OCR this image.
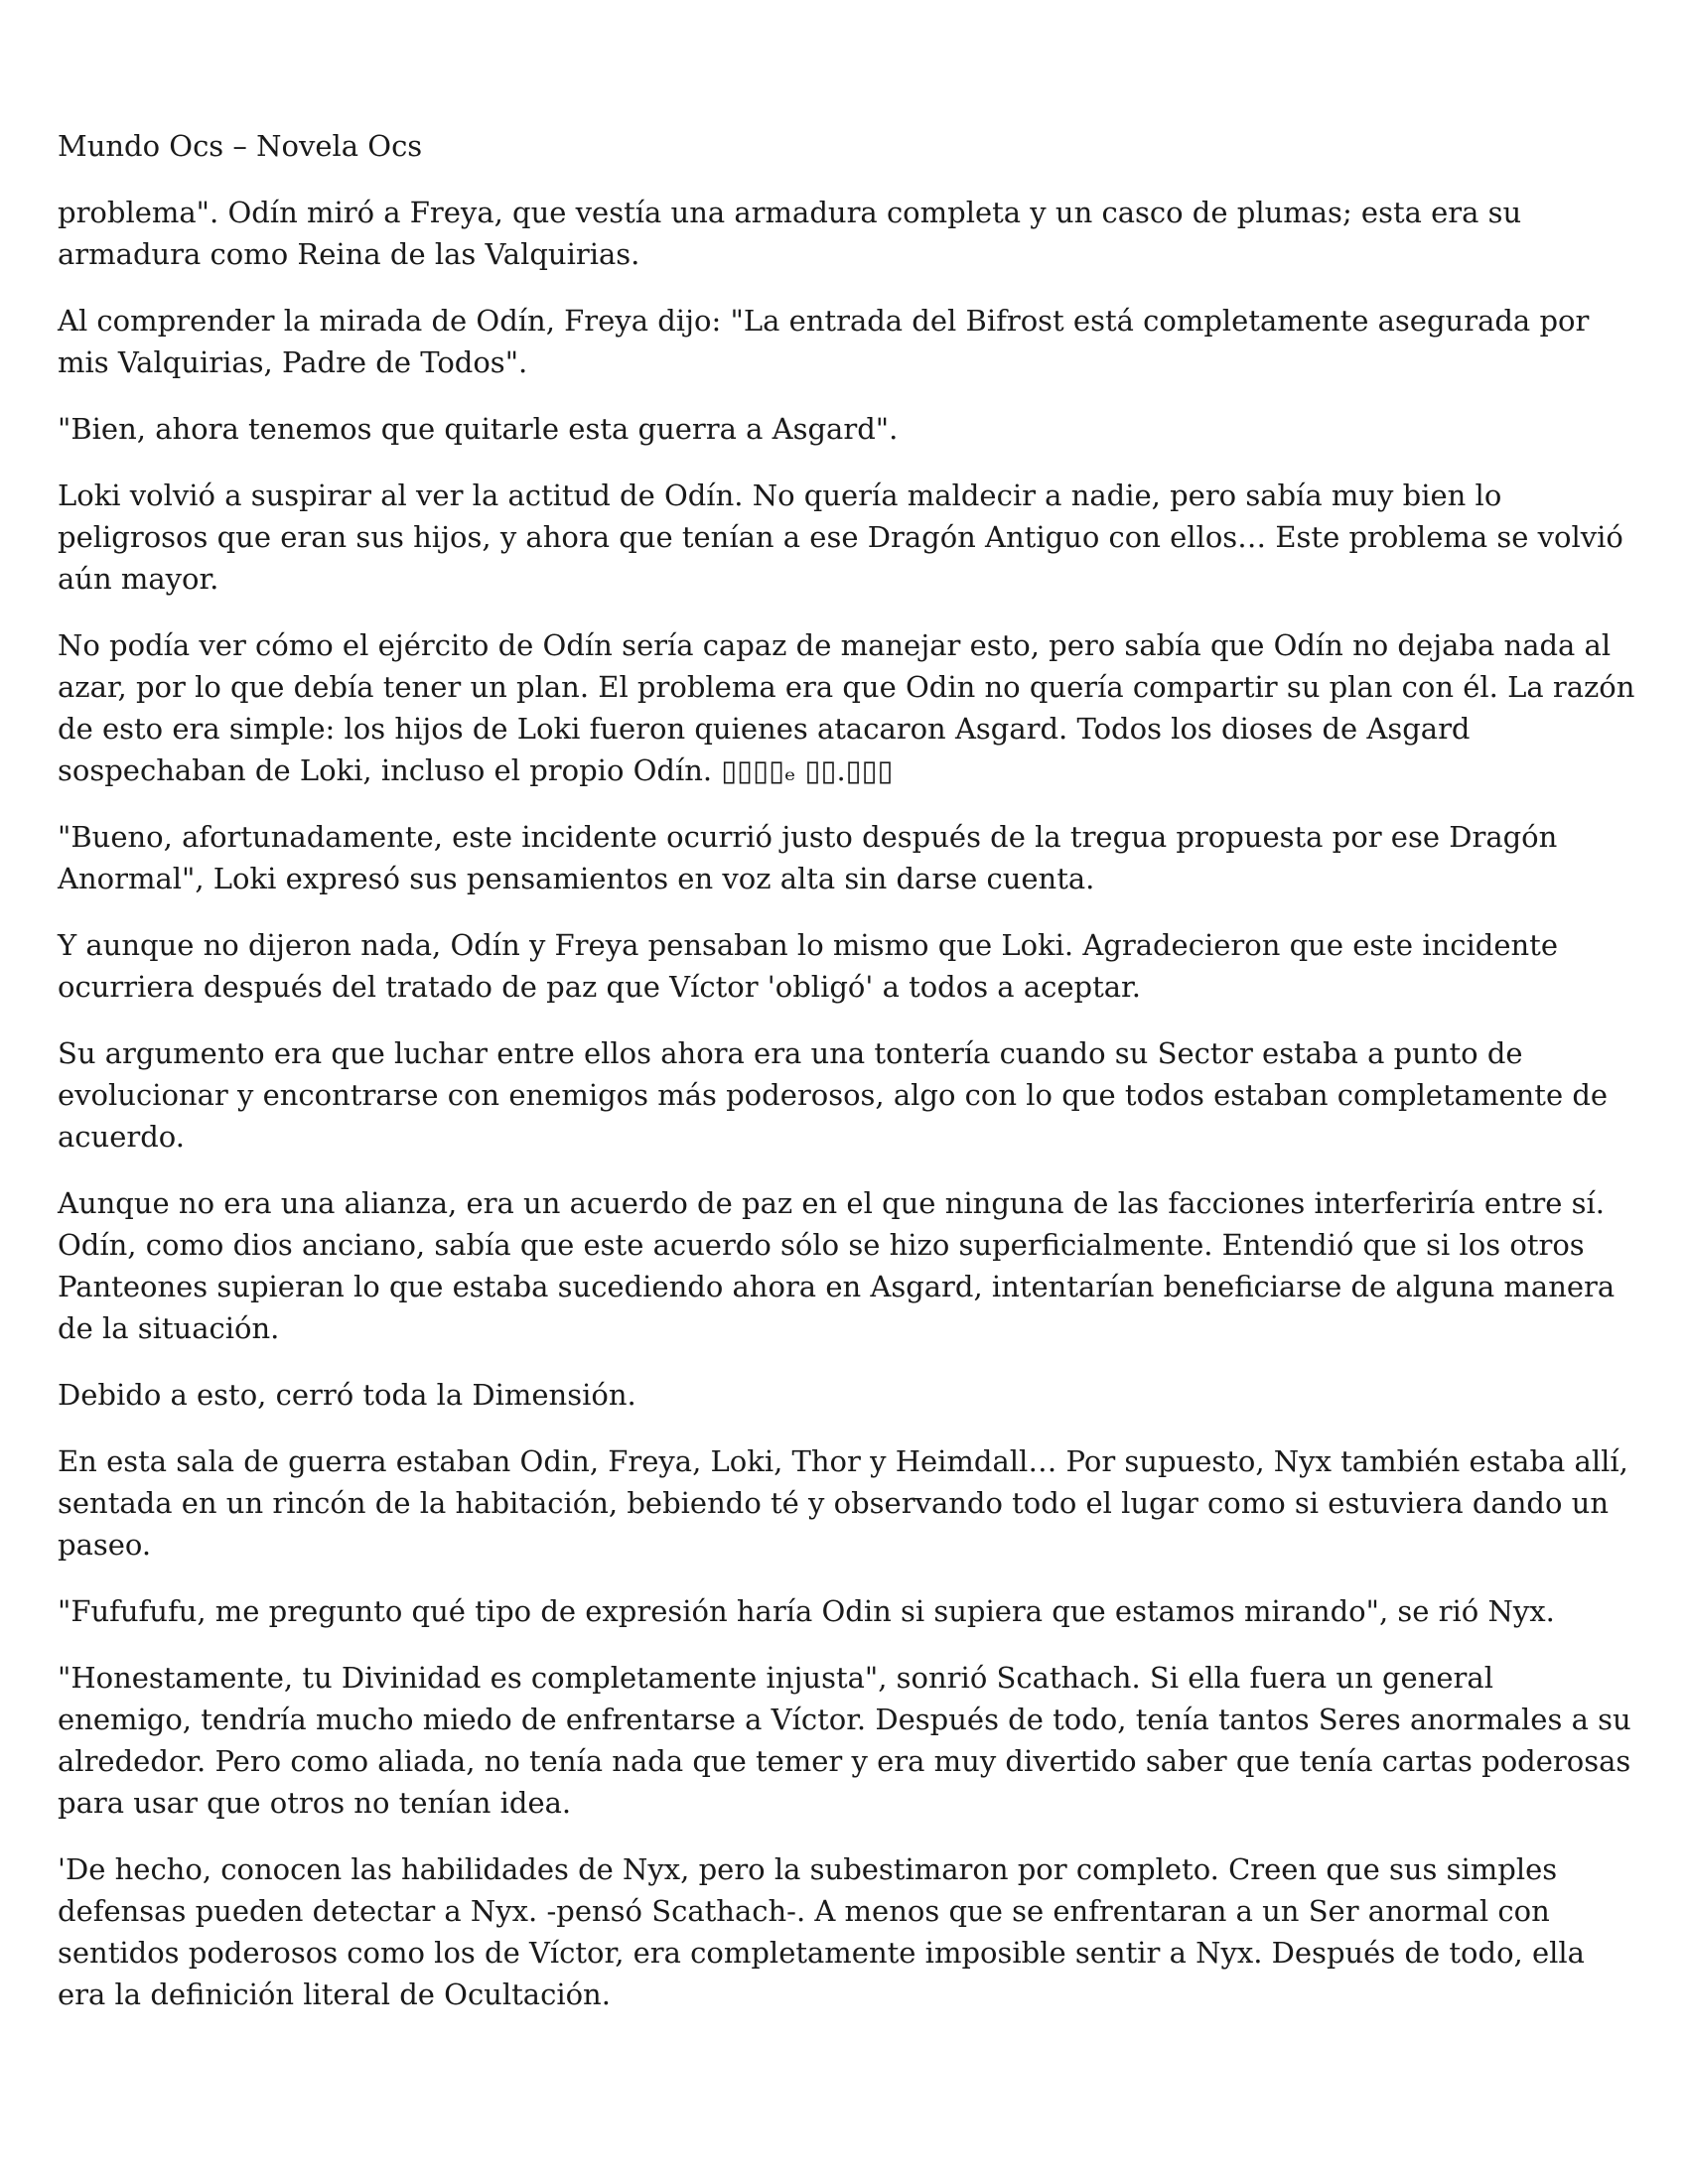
Mundo Ocs – Novela Ocs

problema". Odín miró a Freya, que vestía una armadura completa y un casco de plumas; esta era su armadura como Reina de las Valquirias.

Al comprender la mirada de Odín, Freya dijo: "La entrada del Bifrost está completamente asegurada por mis Valquirias, Padre de Todos".

"Bien, ahora tenemos que quitarle esta guerra a Asgard".

Loki volvió a suspirar al ver la actitud de Odín. No quería maldecir a nadie, pero sabía muy bien lo peligrosos que eran sus hijos, y ahora que tenían a ese Dragón Antiguo con ellos… Este problema se volvió aún mayor.

No podía ver cómo el ejército de Odín sería capaz de manejar esto, pero sabía que Odín no dejaba nada al azar, por lo que debía tener un plan. El problema era que Odin no quería compartir su plan con él. La razón de esto era simple: los hijos de Loki fueron quienes atacaron Asgard. Todos los dioses de Asgard sospechaban de Loki, incluso el propio Odín. ▯▯▯▯ₑ ▯▯.▯▯▯

"Bueno, afortunadamente, este incidente ocurrió justo después de la tregua propuesta por ese Dragón Anormal", Loki expresó sus pensamientos en voz alta sin darse cuenta.

Y aunque no dijeron nada, Odín y Freya pensaban lo mismo que Loki. Agradecieron que este incidente ocurriera después del tratado de paz que Víctor 'obligó' a todos a aceptar.

Su argumento era que luchar entre ellos ahora era una tontería cuando su Sector estaba a punto de evolucionar y encontrarse con enemigos más poderosos, algo con lo que todos estaban completamente de acuerdo.

Aunque no era una alianza, era un acuerdo de paz en el que ninguna de las facciones interferiría entre sí. Odín, como dios anciano, sabía que este acuerdo sólo se hizo superficialmente. Entendió que si los otros Panteones supieran lo que estaba sucediendo ahora en Asgard, intentarían beneficiarse de alguna manera de la situación.

Debido a esto, cerró toda la Dimensión.

En esta sala de guerra estaban Odin, Freya, Loki, Thor y Heimdall… Por supuesto, Nyx también estaba allí, sentada en un rincón de la habitación, bebiendo té y observando todo el lugar como si estuviera dando un paseo.

"Fufufufu, me pregunto qué tipo de expresión haría Odin si supiera que estamos mirando", se rió Nyx.

"Honestamente, tu Divinidad es completamente injusta", sonrió Scathach. Si ella fuera un general enemigo, tendría mucho miedo de enfrentarse a Víctor. Después de todo, tenía tantos Seres anormales a su alrededor. Pero como aliada, no tenía nada que temer y era muy divertido saber que tenía cartas poderosas para usar que otros no tenían idea.

'De hecho, conocen las habilidades de Nyx, pero la subestimaron por completo. Creen que sus simples defensas pueden detectar a Nyx. -pensó Scathach-. A menos que se enfrentaran a un Ser anormal con sentidos poderosos como los de Víctor, era completamente imposible sentir a Nyx. Después de todo, ella era la definición literal de Ocultación.
